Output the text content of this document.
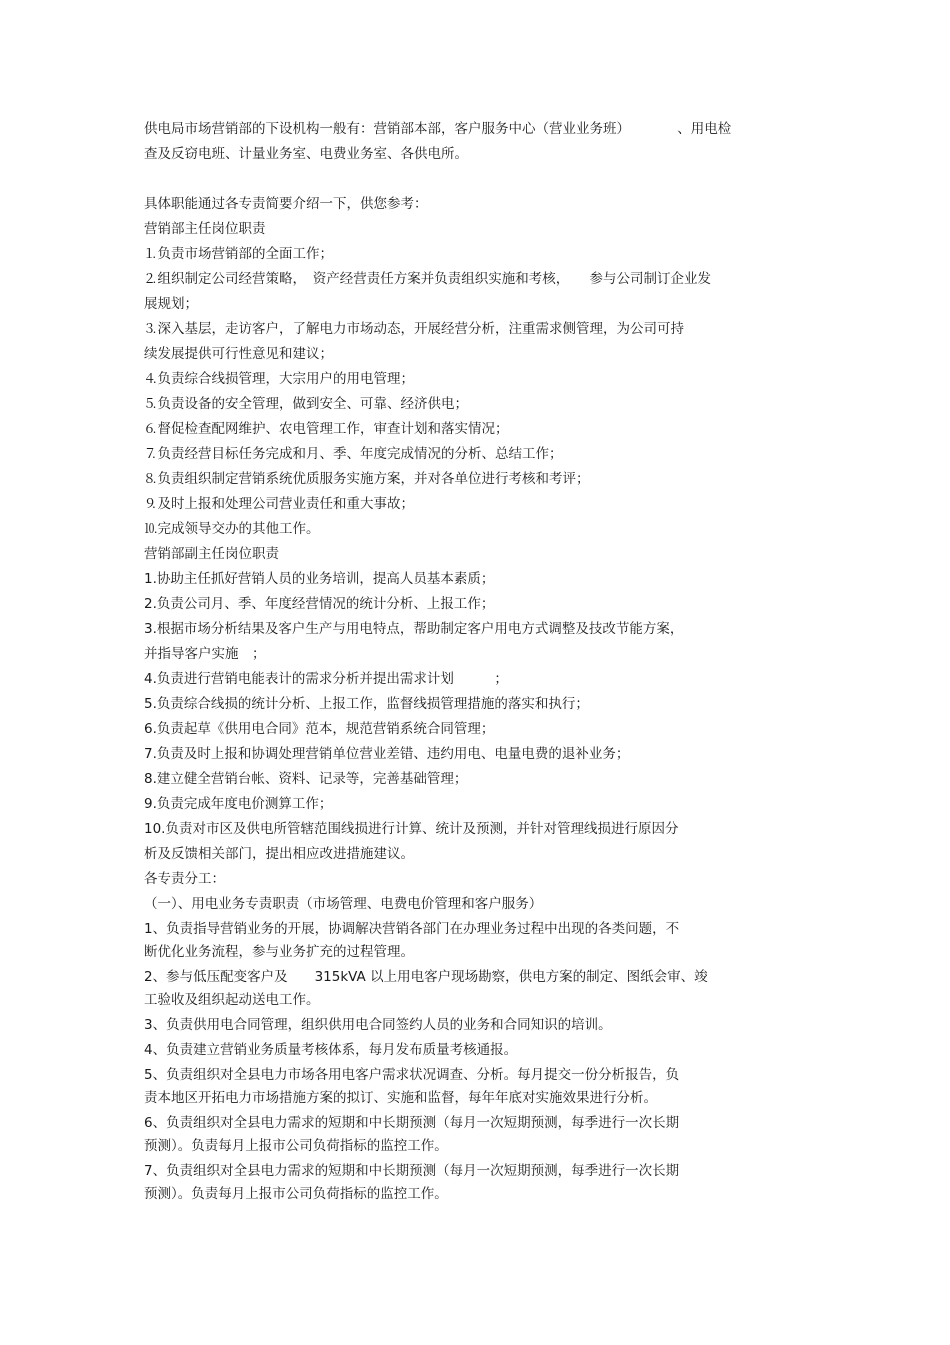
供电局市场营销部的下设机构一般有：营销部本部，客户服务中心（营业业务班）　　　　、用电检
查及反窃电班、计量业务室、电费业务室、各供电所。
具体职能通过各专责简要介绍一下，供您参考：
营销部主任岗位职责
⒈负责市场营销部的全面工作；
⒉组织制定公司经营策略，　资产经营责任方案并负责组织实施和考核，　　参与公司制订企业发
展规划；
⒊深入基层，走访客户，了解电力市场动态，开展经营分析，注重需求侧管理，为公司可持
续发展提供可行性意见和建议；
⒋负责综合线损管理，大宗用户的用电管理；
⒌负责设备的安全管理，做到安全、可靠、经济供电；
⒍督促检查配网维护、农电管理工作，审查计划和落实情况；
⒎负责经营目标任务完成和月、季、年度完成情况的分析、总结工作；
⒏负责组织制定营销系统优质服务实施方案，并对各单位进行考核和考评；
⒐及时上报和处理公司营业责任和重大事故；
⒑完成领导交办的其他工作。
营销部副主任岗位职责
1.协助主任抓好营销人员的业务培训，提高人员基本素质；
2.负责公司月、季、年度经营情况的统计分析、上报工作；
3.根据市场分析结果及客户生产与用电特点，帮助制定客户用电方式调整及技改节能方案，
并指导客户实施　；
4.负责进行营销电能表计的需求分析并提出需求计划　　　；
5.负责综合线损的统计分析、上报工作，监督线损管理措施的落实和执行；
6.负责起草《供用电合同》范本，规范营销系统合同管理；
7.负责及时上报和协调处理营销单位营业差错、违约用电、电量电费的退补业务；
8.建立健全营销台帐、资料、记录等，完善基础管理；
9.负责完成年度电价测算工作；
10.负责对市区及供电所管辖范围线损进行计算、统计及预测，并针对管理线损进行原因分
析及反馈相关部门，提出相应改进措施建议。
各专责分工：
（一）、用电业务专责职责（市场管理、电费电价管理和客户服务）
1、负责指导营销业务的开展，协调解决营销各部门在办理业务过程中出现的各类问题，不
断优化业务流程，参与业务扩充的过程管理。
2、参与低压配变客户及　　315kVA 以上用电客户现场勘察，供电方案的制定、图纸会审、竣
工验收及组织起动送电工作。
3、负责供用电合同管理，组织供用电合同签约人员的业务和合同知识的培训。
4、负责建立营销业务质量考核体系，每月发布质量考核通报。
5、负责组织对全县电力市场各用电客户需求状况调查、分析。每月提交一份分析报告，负
责本地区开拓电力市场措施方案的拟订、实施和监督，每年年底对实施效果进行分析。
6、负责组织对全县电力需求的短期和中长期预测（每月一次短期预测，每季进行一次长期
预测）。负责每月上报市公司负荷指标的监控工作。
7、负责组织对全县电力需求的短期和中长期预测（每月一次短期预测，每季进行一次长期
预测）。负责每月上报市公司负荷指标的监控工作。
